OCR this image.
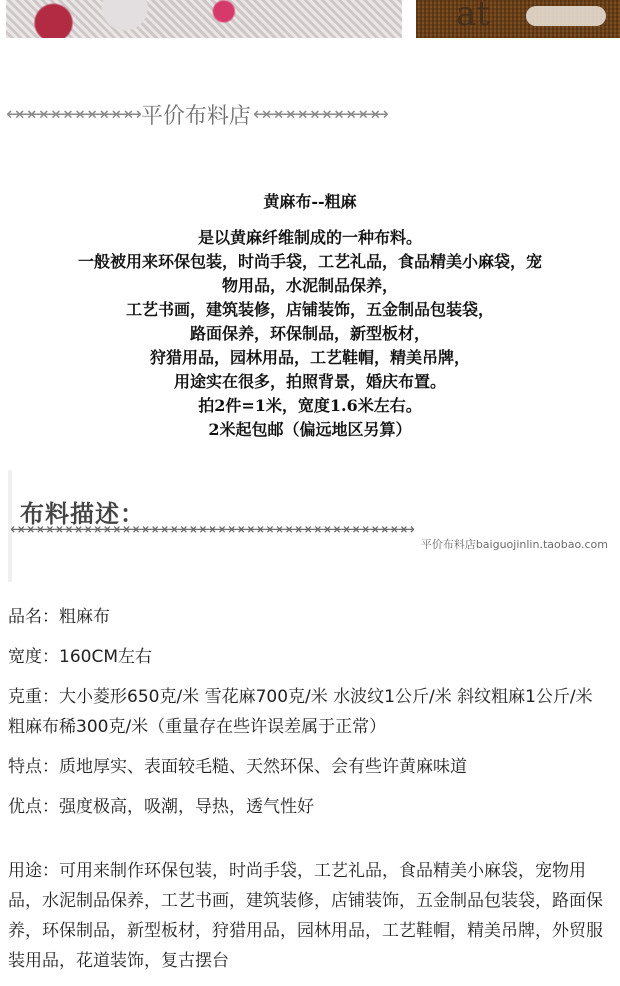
at
↔↔↔↔↔↔↔↔↔↔↔ 平价布料店 ↔↔↔↔↔↔↔↔↔↔↔
黄麻布--粗麻
是以黄麻纤维制成的一种布料。
一般被用来环保包装，时尚手袋，工艺礼品，食品精美小麻袋，宠
物用品，水泥制品保养，
工艺书画，建筑装修，店铺装饰，五金制品包装袋，
路面保养，环保制品，新型板材，
狩猎用品，园林用品，工艺鞋帽，精美吊牌，
用途实在很多，拍照背景，婚庆布置。
拍2件=1米，宽度1.6米左右。
2米起包邮（偏远地区另算）
布料描述：
↔↔↔↔↔↔↔↔↔↔↔↔↔↔↔↔↔↔↔↔↔↔↔↔↔↔↔↔↔↔↔↔↔↔↔↔↔↔↔↔↔↔
平价布料店baiguojinlin.taobao.com

品名：粗麻布

宽度：160CM左右

克重：大小菱形650克/米 雪花麻700克/米 水波纹1公斤/米 斜纹粗麻1公斤/米 粗麻布稀300克/米（重量存在些许误差属于正常）

特点：质地厚实、表面较毛糙、天然环保、会有些许黄麻味道

优点：强度极高，吸潮，导热，透气性好

用途：可用来制作环保包装，时尚手袋，工艺礼品，食品精美小麻袋，宠物用品，水泥制品保养，工艺书画，建筑装修，店铺装饰，五金制品包装袋，路面保养，环保制品，新型板材，狩猎用品，园林用品，工艺鞋帽，精美吊牌，外贸服装用品，花道装饰，复古摆台
